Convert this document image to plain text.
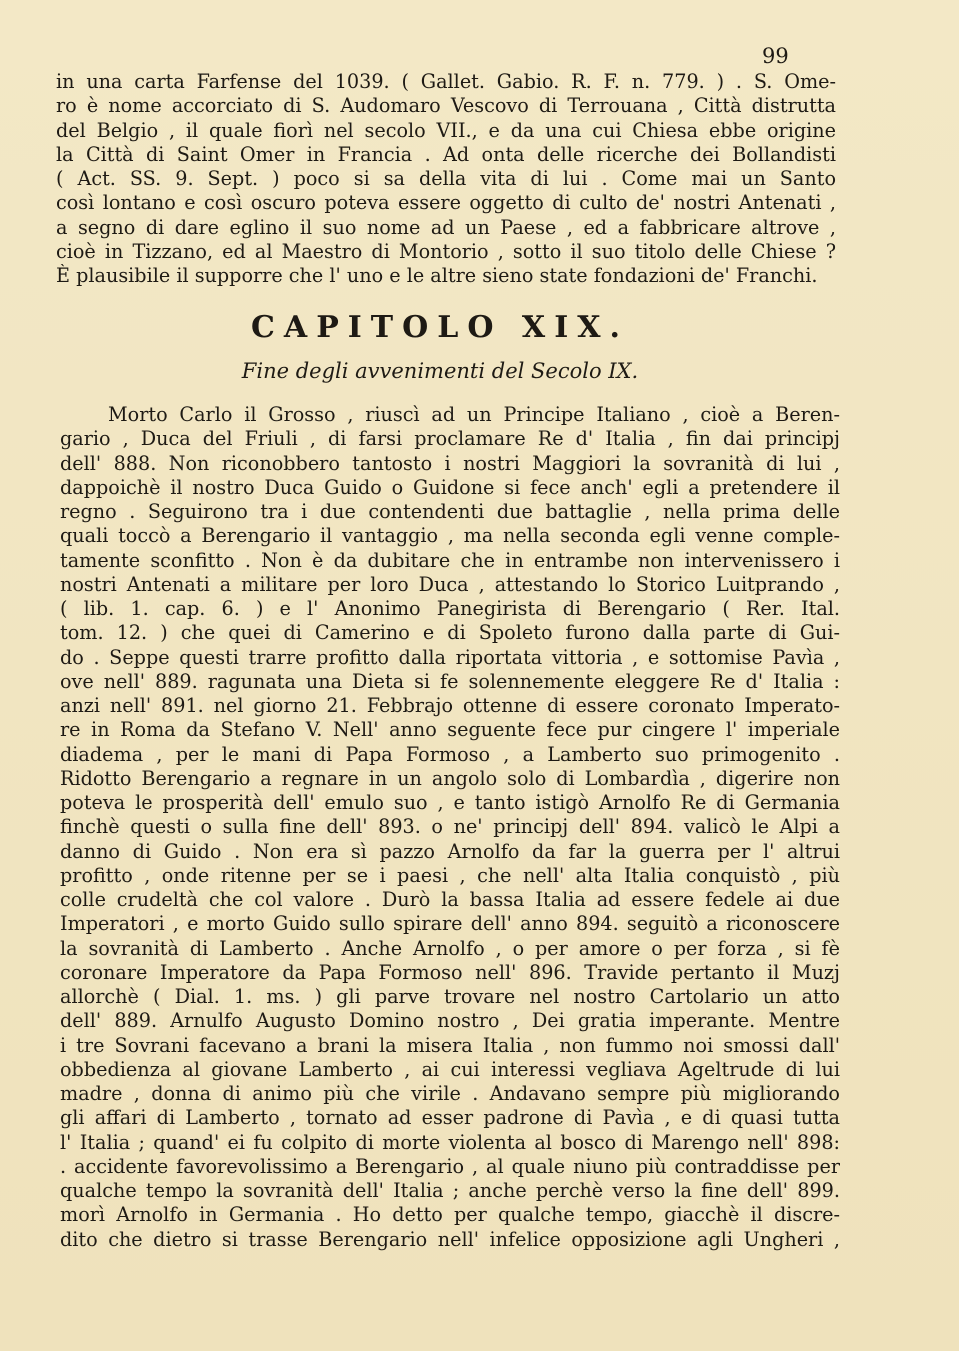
99
in una carta Farfense del 1039. ( Gallet. Gabio. R. F. n. 779. ) . S. Ome-
ro è nome accorciato di S. Audomaro Vescovo di Terrouana , Città distrutta
del Belgio , il quale fiorì nel secolo VII., e da una cui Chiesa ebbe origine
la Città di Saint Omer in Francia . Ad onta delle ricerche dei Bollandisti
( Act. SS. 9. Sept. ) poco si sa della vita di lui . Come mai un Santo
così lontano e così oscuro poteva essere oggetto di culto de' nostri Antenati ,
a segno di dare eglino il suo nome ad un Paese , ed a fabbricare altrove ,
cioè in Tizzano, ed al Maestro di Montorio , sotto il suo titolo delle Chiese ?
È plausibile il supporre che l' uno e le altre sieno state fondazioni de' Franchi.
CAPITOLO XIX.
Fine degli avvenimenti del Secolo IX.
Morto Carlo il Grosso , riuscì ad un Principe Italiano , cioè a Beren-
gario , Duca del Friuli , di farsi proclamare Re d' Italia , fin dai principj
dell' 888. Non riconobbero tantosto i nostri Maggiori la sovranità di lui ,
dappoichè il nostro Duca Guido o Guidone si fece anch' egli a pretendere il
regno . Seguirono tra i due contendenti due battaglie , nella prima delle
quali toccò a Berengario il vantaggio , ma nella seconda egli venne comple-
tamente sconfitto . Non è da dubitare che in entrambe non intervenissero i
nostri Antenati a militare per loro Duca , attestando lo Storico Luitprando ,
( lib. 1. cap. 6. ) e l' Anonimo Panegirista di Berengario ( Rer. Ital.
tom. 12. ) che quei di Camerino e di Spoleto furono dalla parte di Gui-
do . Seppe questi trarre profitto dalla riportata vittoria , e sottomise Pavìa ,
ove nell' 889. ragunata una Dieta si fe solennemente eleggere Re d' Italia :
anzi nell' 891. nel giorno 21. Febbrajo ottenne di essere coronato Imperato-
re in Roma da Stefano V. Nell' anno seguente fece pur cingere l' imperiale
diadema , per le mani di Papa Formoso , a Lamberto suo primogenito .
Ridotto Berengario a regnare in un angolo solo di Lombardìa , digerire non
poteva le prosperità dell' emulo suo , e tanto istigò Arnolfo Re di Germania
finchè questi o sulla fine dell' 893. o ne' principj dell' 894. valicò le Alpi a
danno di Guido . Non era sì pazzo Arnolfo da far la guerra per l' altrui
profitto , onde ritenne per se i paesi , che nell' alta Italia conquistò , più
colle crudeltà che col valore . Durò la bassa Italia ad essere fedele ai due
Imperatori , e morto Guido sullo spirare dell' anno 894. seguitò a riconoscere
la sovranità di Lamberto . Anche Arnolfo , o per amore o per forza , si fè
coronare Imperatore da Papa Formoso nell' 896. Travide pertanto il Muzj
allorchè ( Dial. 1. ms. ) gli parve trovare nel nostro Cartolario un atto
dell' 889. Arnulfo Augusto Domino nostro , Dei gratia imperante. Mentre
i tre Sovrani facevano a brani la misera Italia , non fummo noi smossi dall'
obbedienza al giovane Lamberto , ai cui interessi vegliava Ageltrude di lui
madre , donna di animo più che virile . Andavano sempre più migliorando
gli affari di Lamberto , tornato ad esser padrone di Pavìa , e di quasi tutta
l' Italia ; quand' ei fu colpito di morte violenta al bosco di Marengo nell' 898:
. accidente favorevolissimo a Berengario , al quale niuno più contraddisse per
qualche tempo la sovranità dell' Italia ; anche perchè verso la fine dell' 899.
morì Arnolfo in Germania . Ho detto per qualche tempo, giacchè il discre-
dito che dietro si trasse Berengario nell' infelice opposizione agli Ungheri ,
